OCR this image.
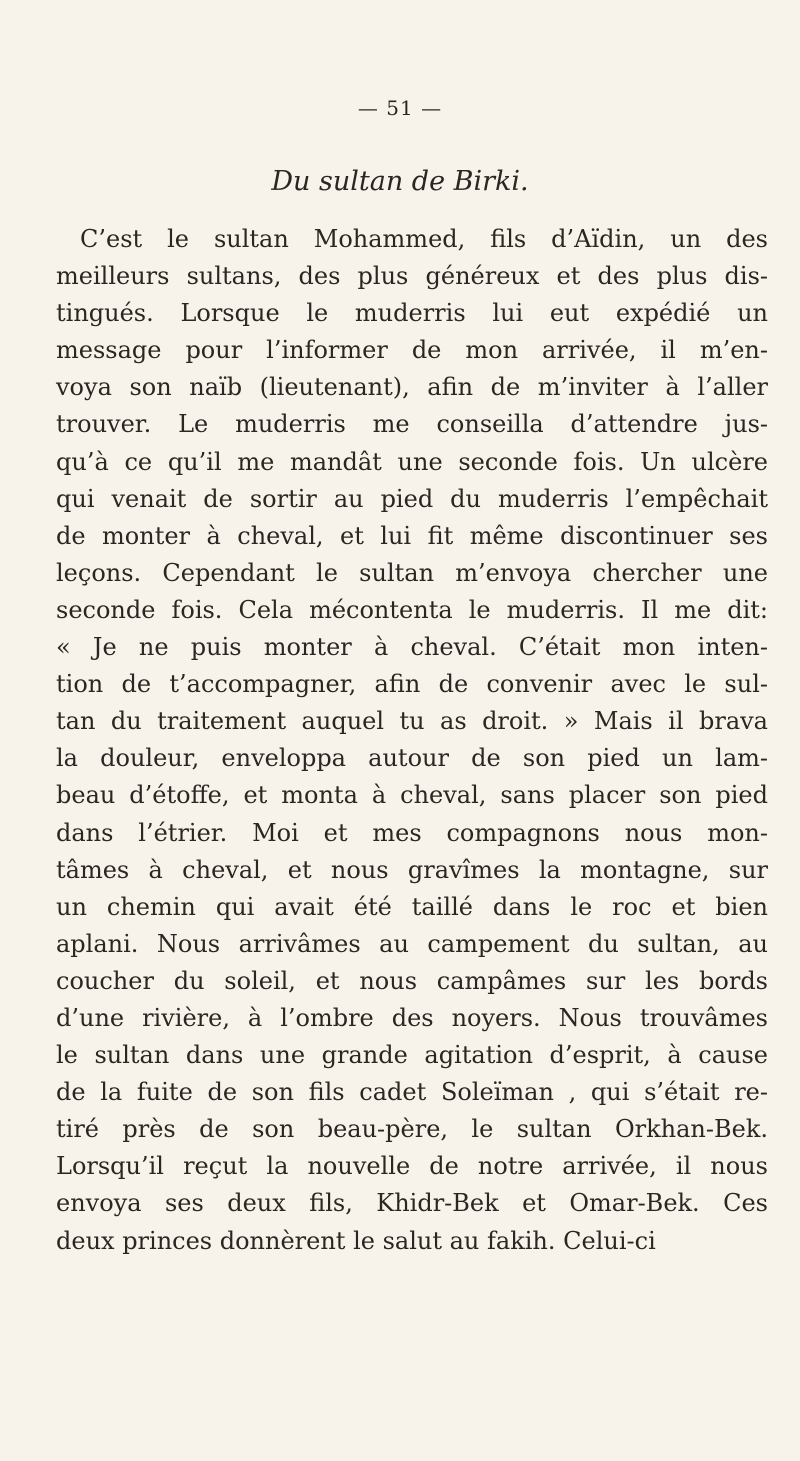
— 51 —
Du sultan de Birki.
C’est le sultan Mohammed, fils d’Aïdin, un des
meilleurs sultans, des plus généreux et des plus dis-
tingués. Lorsque le muderris lui eut expédié un
message pour l’informer de mon arrivée, il m’en-
voya son naïb (lieutenant), afin de m’inviter à l’aller
trouver. Le muderris me conseilla d’attendre jus-
qu’à ce qu’il me mandât une seconde fois. Un ulcère
qui venait de sortir au pied du muderris l’empêchait
de monter à cheval, et lui fit même discontinuer ses
leçons. Cependant le sultan m’envoya chercher une
seconde fois. Cela mécontenta le muderris. Il me dit:
« Je ne puis monter à cheval. C’était mon inten-
tion de t’accompagner, afin de convenir avec le sul-
tan du traitement auquel tu as droit. » Mais il brava
la douleur, enveloppa autour de son pied un lam-
beau d’étoffe, et monta à cheval, sans placer son pied
dans l’étrier. Moi et mes compagnons nous mon-
tâmes à cheval, et nous gravîmes la montagne, sur
un chemin qui avait été taillé dans le roc et bien
aplani. Nous arrivâmes au campement du sultan, au
coucher du soleil, et nous campâmes sur les bords
d’une rivière, à l’ombre des noyers. Nous trouvâmes
le sultan dans une grande agitation d’esprit, à cause
de la fuite de son fils cadet Soleïman , qui s’était re-
tiré près de son beau-père, le sultan Orkhan-Bek.
Lorsqu’il reçut la nouvelle de notre arrivée, il nous
envoya ses deux fils, Khidr-Bek et Omar-Bek. Ces
deux princes donnèrent le salut au fakih. Celui-ci
